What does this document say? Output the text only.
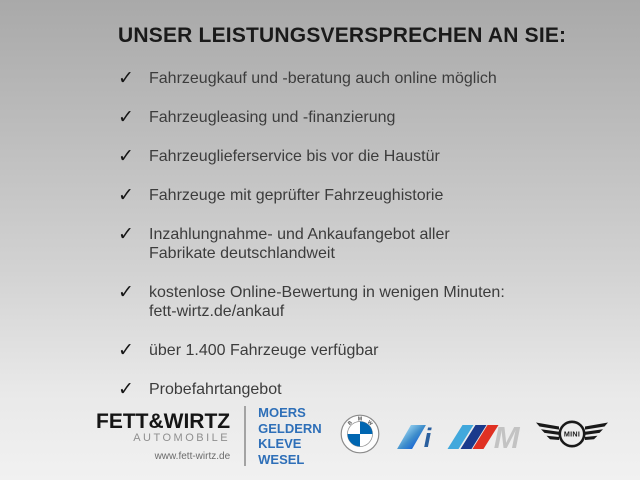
UNSER LEISTUNGSVERSPRECHEN AN SIE:
✓ Fahrzeugkauf und -beratung auch online möglich
✓ Fahrzeugleasing und -finanzierung
✓ Fahrzeuglieferservice bis vor die Haustür
✓ Fahrzeuge mit geprüfter Fahrzeughistorie
✓ Inzahlungnahme- und Ankaufangebot aller
Fabrikate deutschlandweit
✓ kostenlose Online-Bewertung in wenigen Minuten:
fett-wirtz.de/ankauf
✓ über 1.400 Fahrzeuge verfügbar
✓ Probefahrtangebot
FETT&WIRTZ
AUTOMOBILE
www.fett-wirtz.de
MOERS
GELDERN
KLEVE
WESEL
B
M W
i M	MINI
